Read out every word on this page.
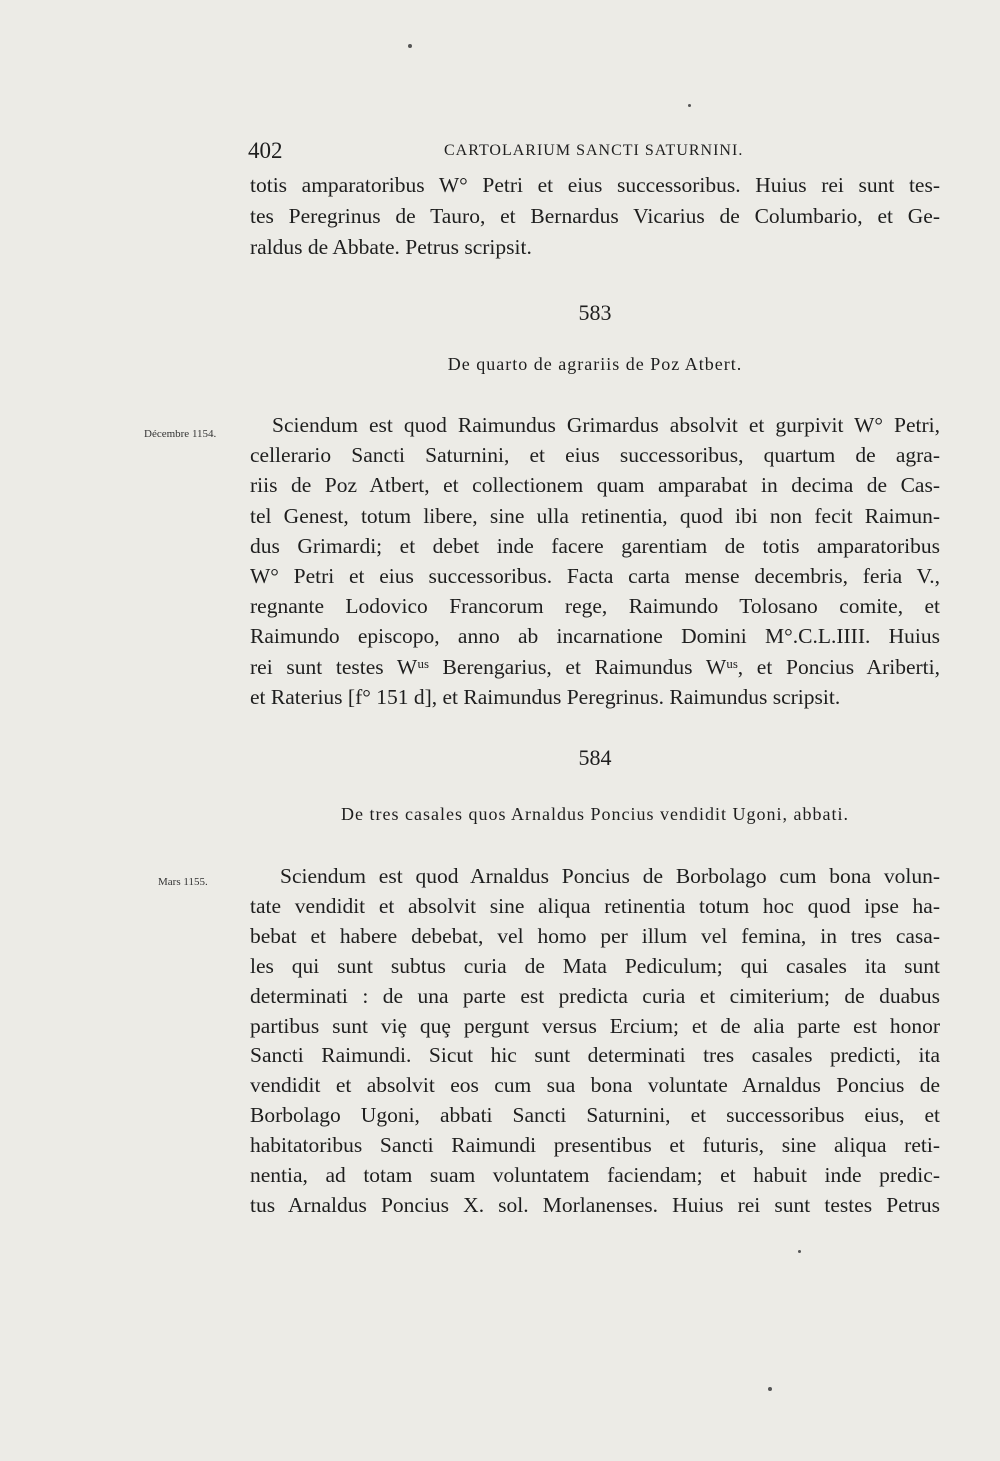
402	CARTOLARIUM SANCTI SATURNINI.
totis amparatoribus W° Petri et eius successoribus. Huius rei sunt tes-
tes Peregrinus de Tauro, et Bernardus Vicarius de Columbario, et Ge-
raldus de Abbate. Petrus scripsit.
583
De quarto de agrariis de Poz Atbert.
Décembre 1154.	Sciendum est quod Raimundus Grimardus absolvit et gurpivit W° Petri,
cellerario Sancti Saturnini, et eius successoribus, quartum de agra-
riis de Poz Atbert, et collectionem quam amparabat in decima de Cas-
tel Genest, totum libere, sine ulla retinentia, quod ibi non fecit Raimun-
dus Grimardi; et debet inde facere garentiam de totis amparatoribus
W° Petri et eius successoribus. Facta carta mense decembris, feria V.,
regnante Lodovico Francorum rege, Raimundo Tolosano comite, et
Raimundo episcopo, anno ab incarnatione Domini M°.C.L.IIII. Huius
rei sunt testes Wᵘˢ Berengarius, et Raimundus Wᵘˢ, et Poncius Ariberti,
et Raterius [f° 151 d], et Raimundus Peregrinus. Raimundus scripsit.
584
De tres casales quos Arnaldus Poncius vendidit Ugoni, abbati.
Mars 1155.	Sciendum est quod Arnaldus Poncius de Borbolago cum bona volun-
tate vendidit et absolvit sine aliqua retinentia totum hoc quod ipse ha-
bebat et habere debebat, vel homo per illum vel femina, in tres casa-
les qui sunt subtus curia de Mata Pediculum; qui casales ita sunt
determinati : de una parte est predicta curia et cimiterium; de duabus
partibus sunt viȩ quȩ pergunt versus Ercium; et de alia parte est honor
Sancti Raimundi. Sicut hic sunt determinati tres casales predicti, ita
vendidit et absolvit eos cum sua bona voluntate Arnaldus Poncius de
Borbolago Ugoni, abbati Sancti Saturnini, et successoribus eius, et
habitatoribus Sancti Raimundi presentibus et futuris, sine aliqua reti-
nentia, ad totam suam voluntatem faciendam; et habuit inde predic-
tus Arnaldus Poncius X. sol. Morlanenses. Huius rei sunt testes Petrus
